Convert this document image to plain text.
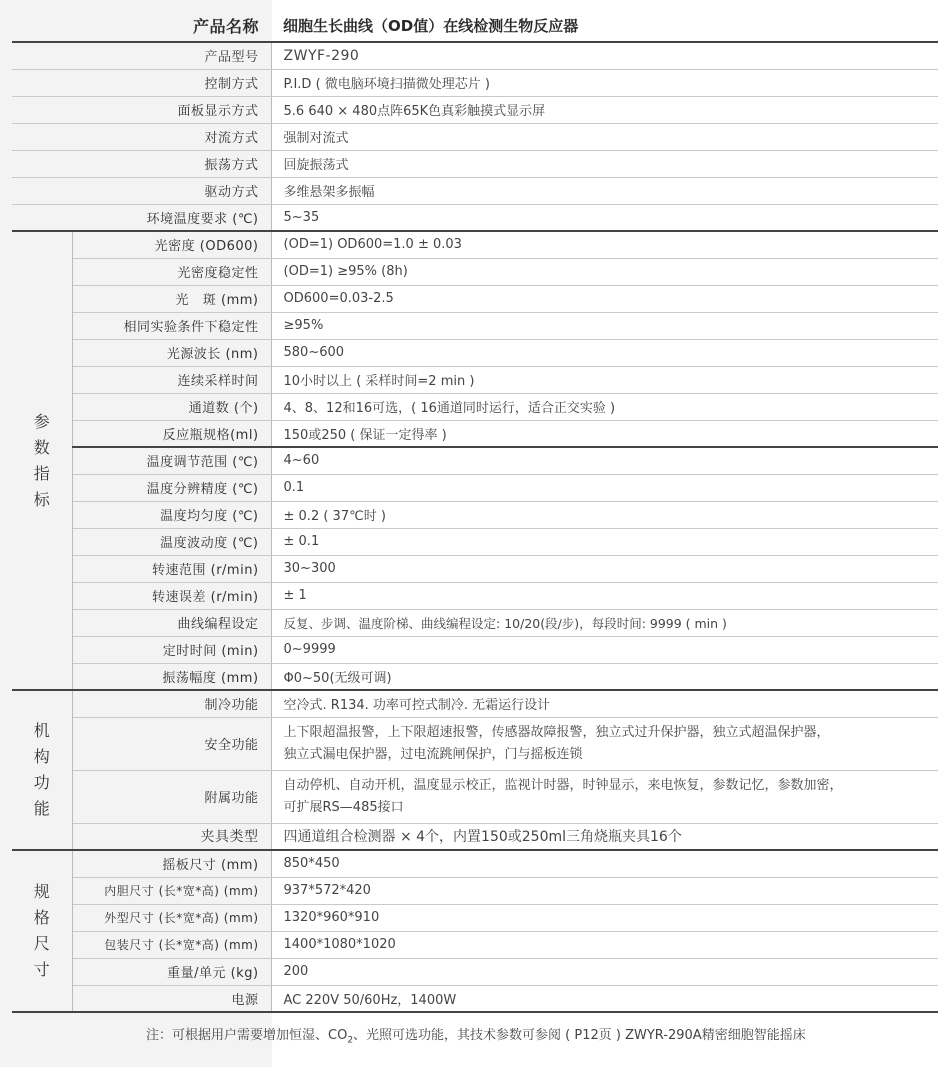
产品名称		细胞生长曲线（OD值）在线检测生物反应器
产品型号		ZWYF-290
控制方式		P.I.D ( 微电脑环境扫描微处理芯片 )
面板显示方式		5.6 640 × 480点阵65K色真彩触摸式显示屏
对流方式		强制对流式
振荡方式		回旋振荡式
驱动方式		多维悬架多振幅
环境温度要求 (℃)		5~35

参
数
指
标	光密度 (OD600)	(OD=1) OD600=1.0 ± 0.03
	光密度稳定性	(OD=1) ≥95% (8h)
	光   斑 (mm)	OD600=0.03-2.5
	相同实验条件下稳定性	≥95%
	光源波长 (nm)	580~600
	连续采样时间	10小时以上 ( 采样时间=2 min )
	通道数 (个)	4、8、12和16可选，( 16通道同时运行，适合正交实验 )
	反应瓶规格(ml)	150或250 ( 保证一定得率 )
	温度调节范围 (℃)	4~60
	温度分辨精度 (℃)	0.1
	温度均匀度 (℃)	± 0.2 ( 37℃时 )
	温度波动度 (℃)	± 0.1
	转速范围 (r/min)	30~300
	转速误差 (r/min)	± 1
	曲线编程设定	反复、步调、温度阶梯、曲线编程设定: 10/20(段/步)，每段时间: 9999 ( min )
	定时时间 (min)	0~9999
	振荡幅度 (mm)	Φ0~50(无级可调)

机
构
功
能	制冷功能	空冷式. R134. 功率可控式制冷. 无霜运行设计
	安全功能	上下限超温报警，上下限超速报警，传感器故障报警，独立式过升保护器，独立式超温保护器，
独立式漏电保护器，过电流跳闸保护，门与摇板连锁

	附属功能	自动停机、自动开机，温度显示校正，监视计时器，时钟显示，来电恢复，参数记忆，参数加密，
可扩展RS—485接口

	夹具类型	四通道组合检测器 × 4个，内置150或250ml三角烧瓶夹具16个

规
格
尺
寸	摇板尺寸 (mm)	850*450
	内胆尺寸 (长*宽*高) (mm)	937*572*420
	外型尺寸 (长*宽*高) (mm)	1320*960*910
	包装尺寸 (长*宽*高) (mm)	1400*1080*1020
	重量/单元 (kg)	200
	电源	AC 220V 50/60Hz，1400W
注：可根据用户需要增加恒湿、$CO_2$、光照可选功能，其技术参数可参阅 ( P12页 ) ZWYR-290A精密细胞智能摇床
